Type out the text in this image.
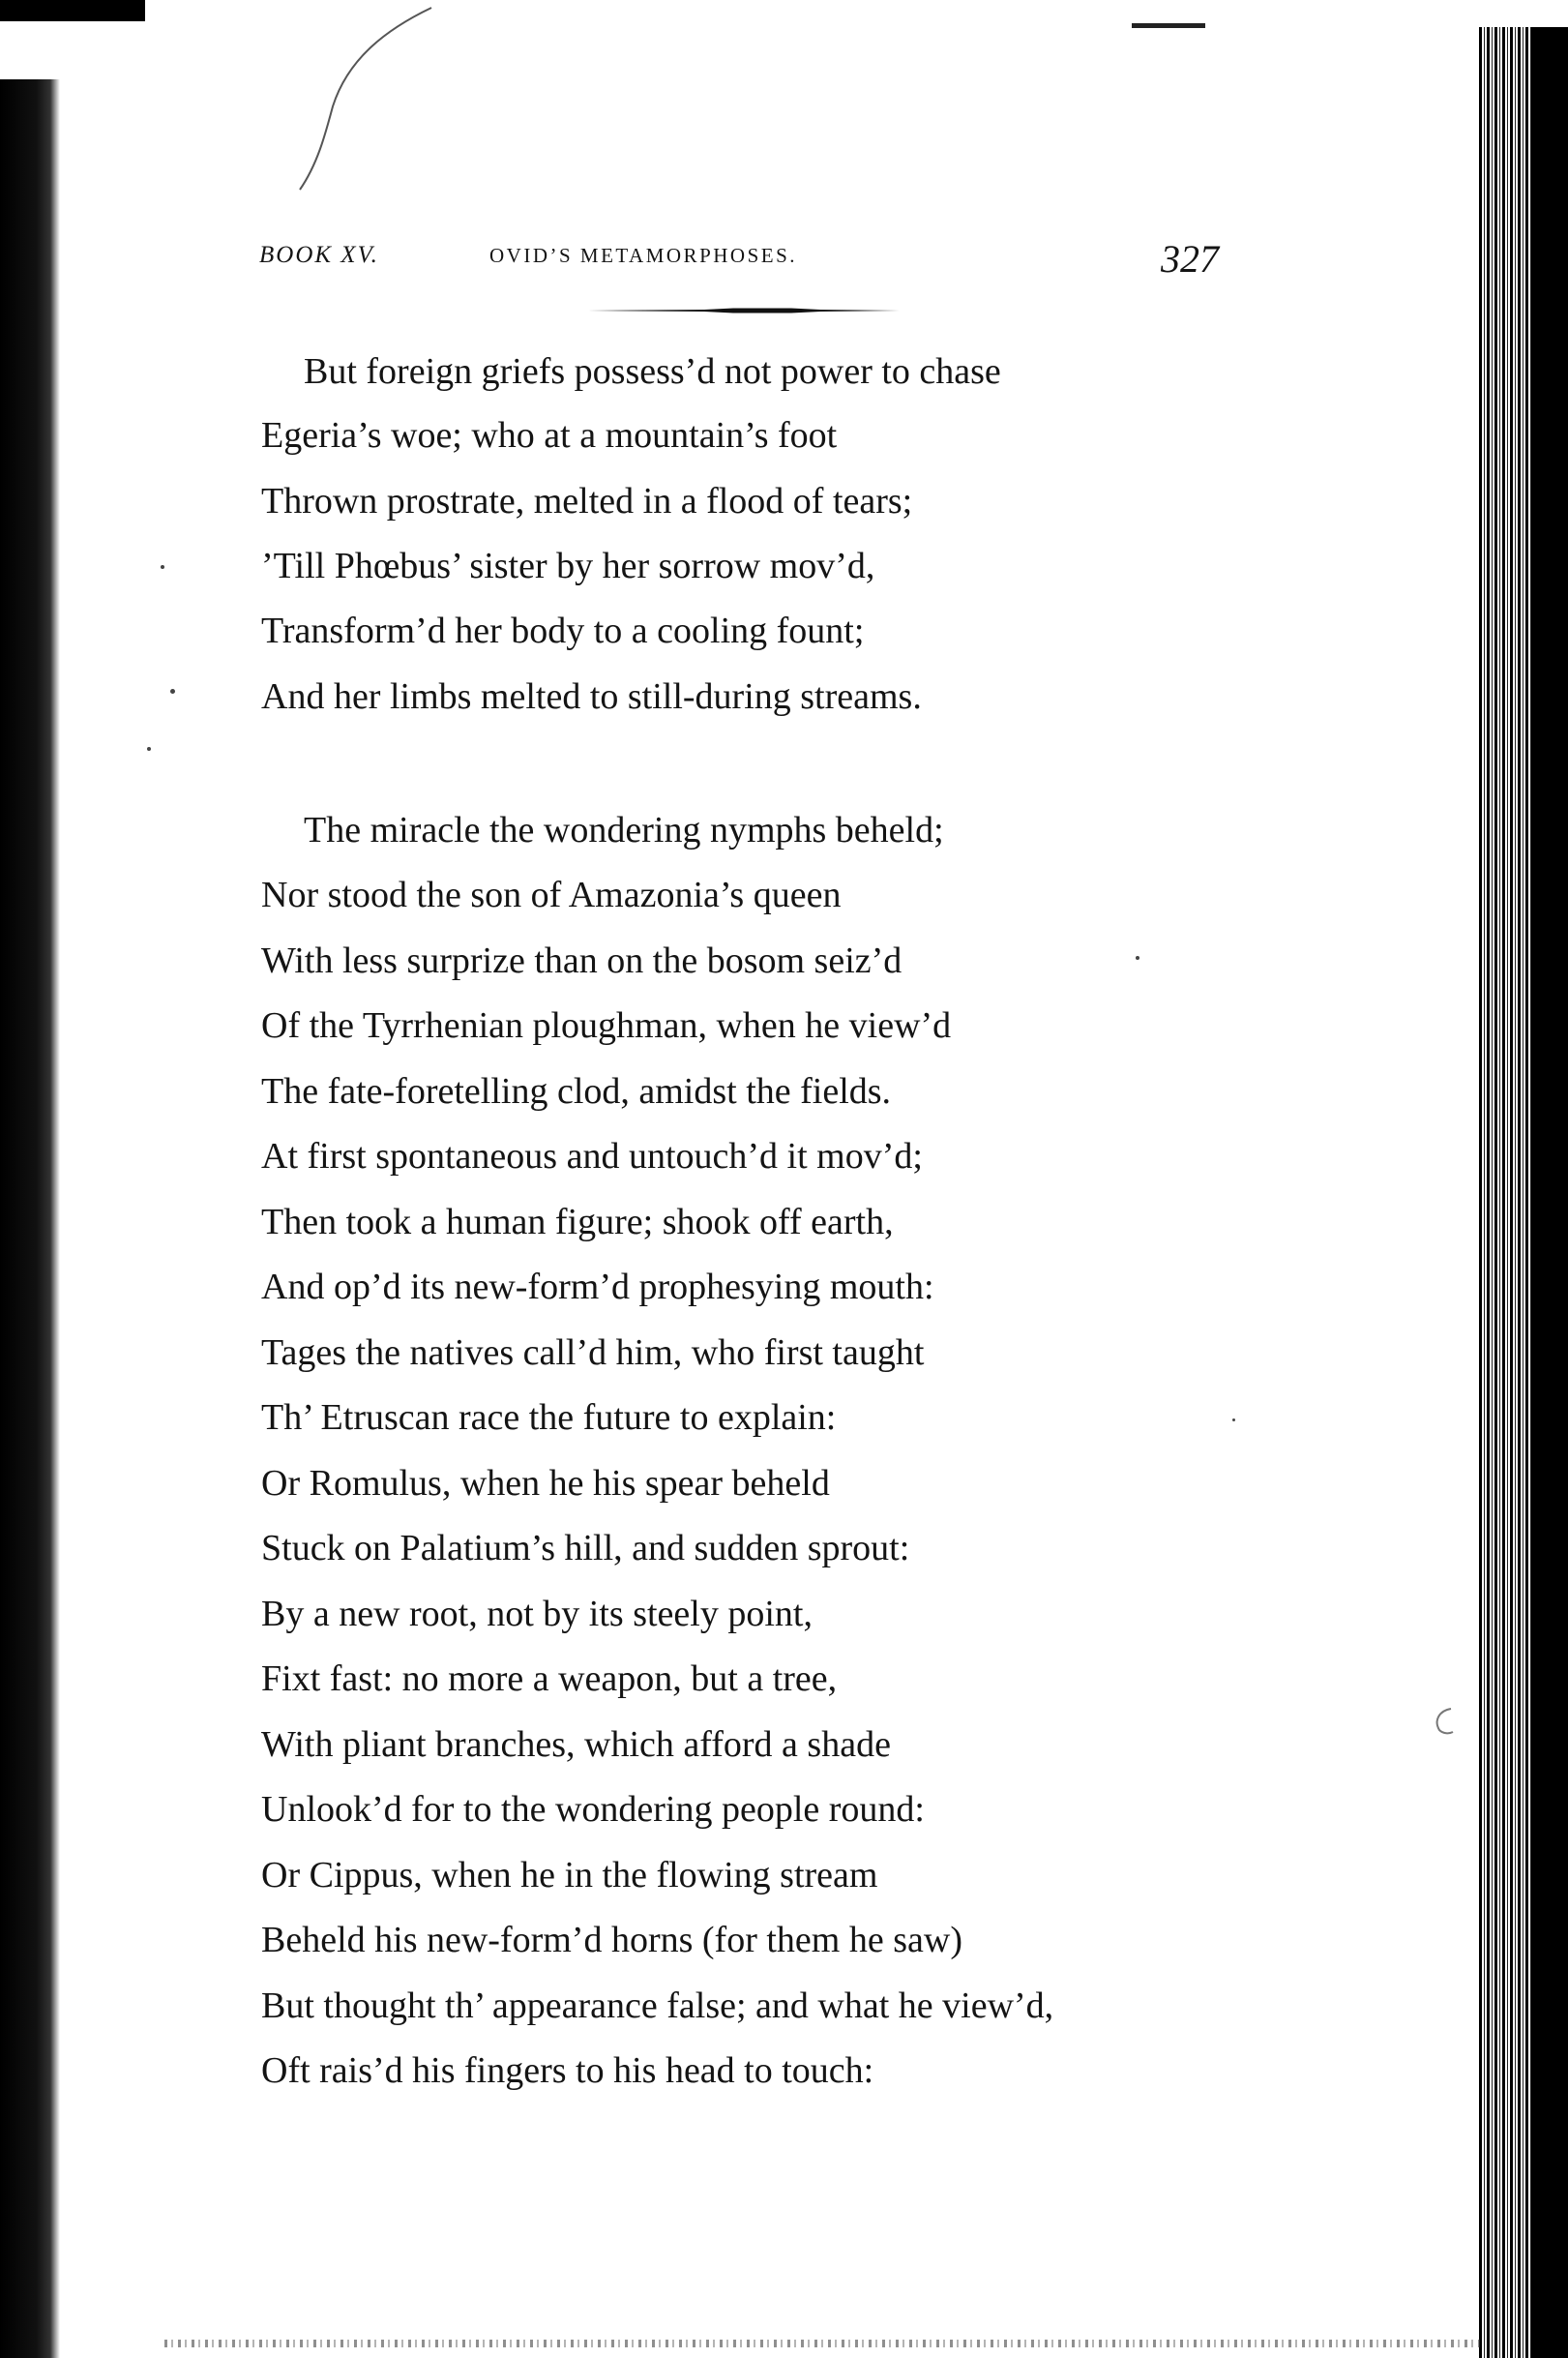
BOOK XV.	OVID’S METAMORPHOSES.	327
But foreign griefs possess’d not power to chase
Egeria’s woe; who at a mountain’s foot
Thrown prostrate, melted in a flood of tears;
’Till Phœbus’ sister by her sorrow mov’d,
Transform’d her body to a cooling fount;
And her limbs melted to still-during streams.
The miracle the wondering nymphs beheld;
Nor stood the son of Amazonia’s queen
With less surprize than on the bosom seiz’d
Of the Tyrrhenian ploughman, when he view’d
The fate-foretelling clod, amidst the fields.
At first spontaneous and untouch’d it mov’d;
Then took a human figure; shook off earth,
And op’d its new-form’d prophesying mouth:
Tages the natives call’d him, who first taught
Th’ Etruscan race the future to explain:
Or Romulus, when he his spear beheld
Stuck on Palatium’s hill, and sudden sprout:
By a new root, not by its steely point,
Fixt fast: no more a weapon, but a tree,
With pliant branches, which afford a shade
Unlook’d for to the wondering people round:
Or Cippus, when he in the flowing stream
Beheld his new-form’d horns (for them he saw)
But thought th’ appearance false; and what he view’d,
Oft rais’d his fingers to his head to touch:
